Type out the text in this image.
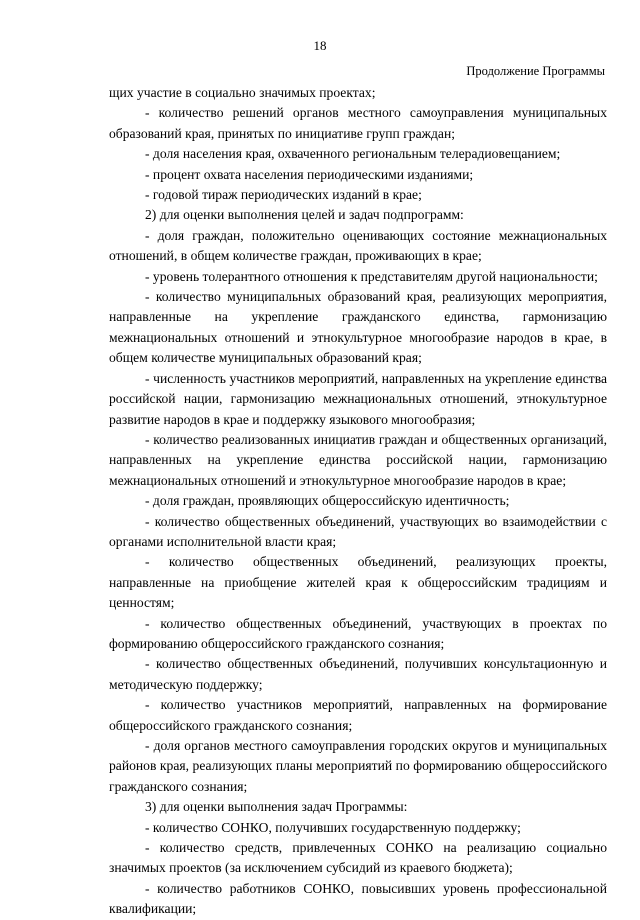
18
Продолжение Программы

щих участие в социально значимых проектах;

- количество решений органов местного самоуправления муниципальных образований края, принятых по инициативе групп граждан;

- доля населения края, охваченного региональным телерадиовещанием;

- процент охвата населения периодическими изданиями;

- годовой тираж периодических изданий в крае;

2) для оценки выполнения целей и задач подпрограмм:

- доля граждан, положительно оценивающих состояние межнациональных отношений, в общем количестве граждан, проживающих в крае;

- уровень толерантного отношения к представителям другой национальности;

- количество муниципальных образований края, реализующих мероприятия, направленные на укрепление гражданского единства, гармонизацию межнациональных отношений и этнокультурное многообразие народов в крае, в общем количестве муниципальных образований края;

- численность участников мероприятий, направленных на укрепление единства российской нации, гармонизацию межнациональных отношений, этнокультурное развитие народов в крае и поддержку языкового многообразия;

- количество реализованных инициатив граждан и общественных организаций, направленных на укрепление единства российской нации, гармонизацию межнациональных отношений и этнокультурное многообразие народов в крае;

- доля граждан, проявляющих общероссийскую идентичность;

- количество общественных объединений, участвующих во взаимодействии с органами исполнительной власти края;

- количество общественных объединений, реализующих проекты, направленные на приобщение жителей края к общероссийским традициям и ценностям;

- количество общественных объединений, участвующих в проектах по формированию общероссийского гражданского сознания;

- количество общественных объединений, получивших консультационную и методическую поддержку;

- количество участников мероприятий, направленных на формирование общероссийского гражданского сознания;

- доля органов местного самоуправления городских округов и муниципальных районов края, реализующих планы мероприятий по формированию общероссийского гражданского сознания;

3) для оценки выполнения задач Программы:

- количество СОНКО, получивших государственную поддержку;

- количество средств, привлеченных СОНКО на реализацию социально значимых проектов (за исключением субсидий из краевого бюджета);

- количество работников СОНКО, повысивших уровень профессиональной квалификации;
